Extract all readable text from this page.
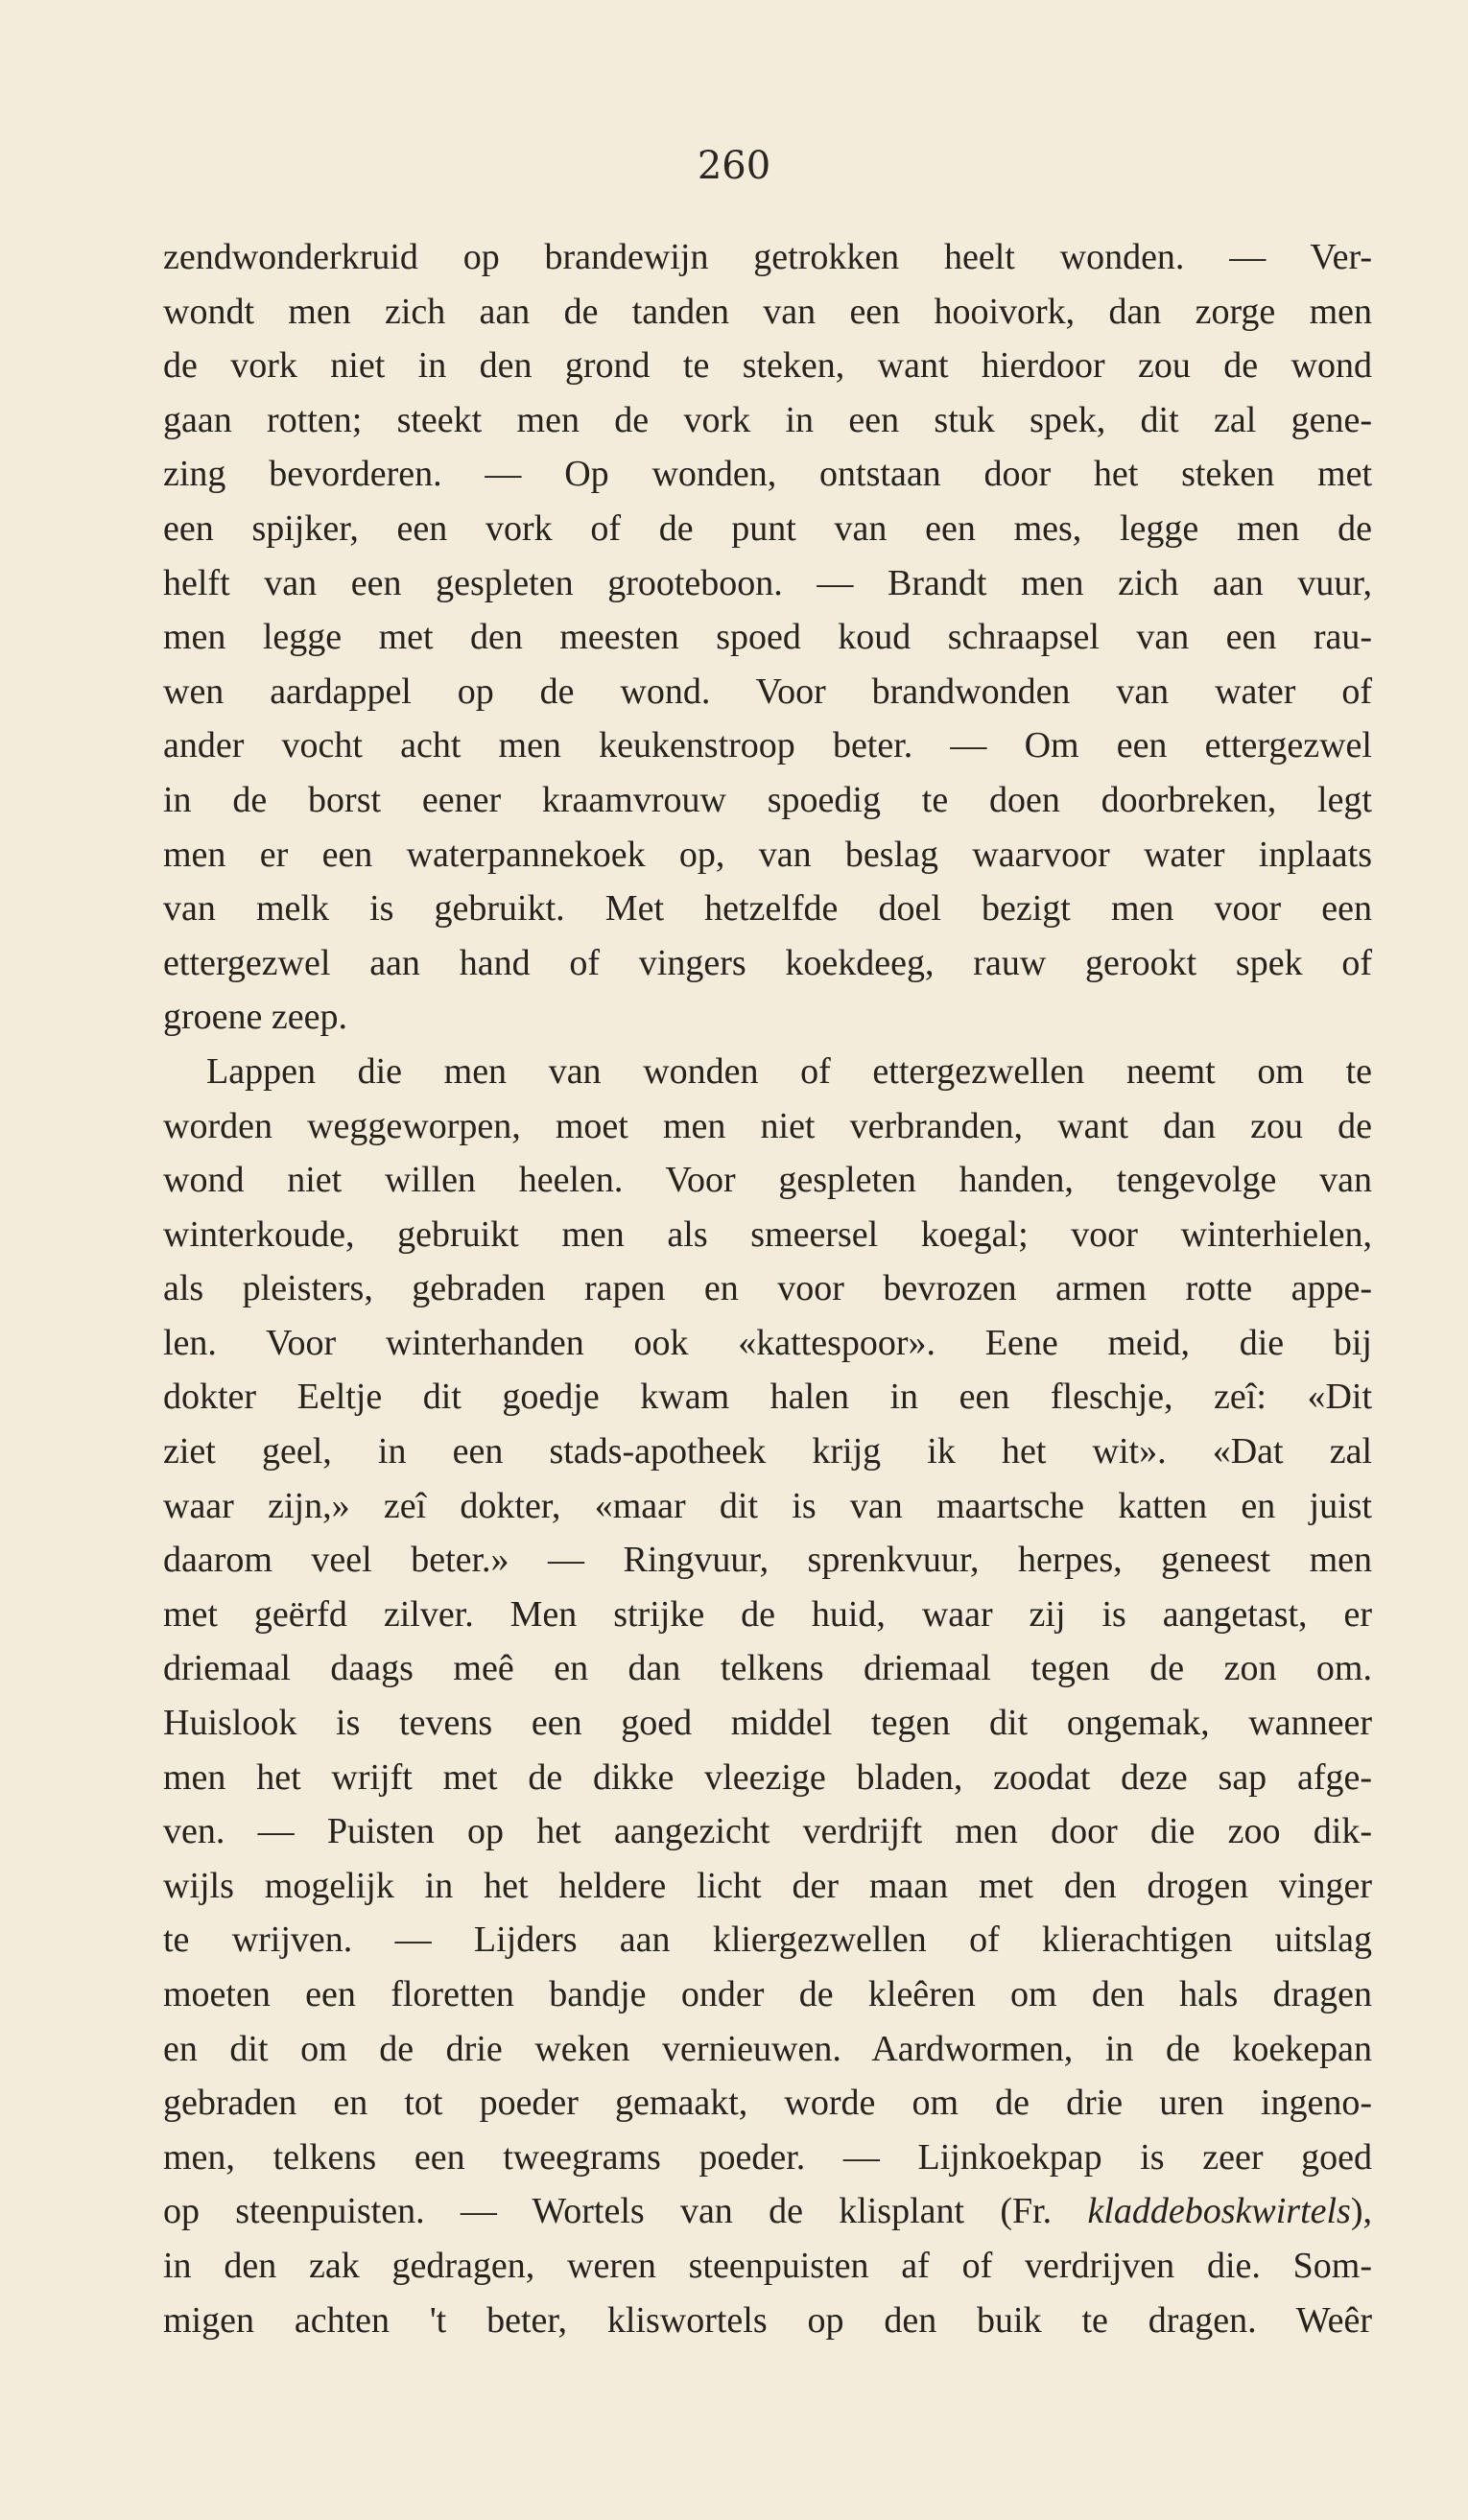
260
zendwonderkruid op brandewijn getrokken heelt wonden. — Ver-
wondt men zich aan de tanden van een hooivork, dan zorge men
de vork niet in den grond te steken, want hierdoor zou de wond
gaan rotten; steekt men de vork in een stuk spek, dit zal gene-
zing bevorderen. — Op wonden, ontstaan door het steken met
een spijker, een vork of de punt van een mes, legge men de
helft van een gespleten grooteboon. — Brandt men zich aan vuur,
men legge met den meesten spoed koud schraapsel van een rau-
wen aardappel op de wond. Voor brandwonden van water of
ander vocht acht men keukenstroop beter. — Om een ettergezwel
in de borst eener kraamvrouw spoedig te doen doorbreken, legt
men er een waterpannekoek op, van beslag waarvoor water inplaats
van melk is gebruikt. Met hetzelfde doel bezigt men voor een
ettergezwel aan hand of vingers koekdeeg, rauw gerookt spek of
groene zeep.
Lappen die men van wonden of ettergezwellen neemt om te
worden weggeworpen, moet men niet verbranden, want dan zou de
wond niet willen heelen. Voor gespleten handen, tengevolge van
winterkoude, gebruikt men als smeersel koegal; voor winterhielen,
als pleisters, gebraden rapen en voor bevrozen armen rotte appe-
len. Voor winterhanden ook «kattespoor». Eene meid, die bij
dokter Eeltje dit goedje kwam halen in een fleschje, zeî: «Dit
ziet geel, in een stads-apotheek krijg ik het wit». «Dat zal
waar zijn,» zeî dokter, «maar dit is van maartsche katten en juist
daarom veel beter.» — Ringvuur, sprenkvuur, herpes, geneest men
met geërfd zilver. Men strijke de huid, waar zij is aangetast, er
driemaal daags meê en dan telkens driemaal tegen de zon om.
Huislook is tevens een goed middel tegen dit ongemak, wanneer
men het wrijft met de dikke vleezige bladen, zoodat deze sap afge-
ven. — Puisten op het aangezicht verdrijft men door die zoo dik-
wijls mogelijk in het heldere licht der maan met den drogen vinger
te wrijven. — Lijders aan kliergezwellen of klierachtigen uitslag
moeten een floretten bandje onder de kleêren om den hals dragen
en dit om de drie weken vernieuwen. Aardwormen, in de koekepan
gebraden en tot poeder gemaakt, worde om de drie uren ingeno-
men, telkens een tweegrams poeder. — Lijnkoekpap is zeer goed
op steenpuisten. — Wortels van de klisplant (Fr. kladdeboskwirtels),
in den zak gedragen, weren steenpuisten af of verdrijven die. Som-
migen achten 't beter, kliswortels op den buik te dragen. Weêr
